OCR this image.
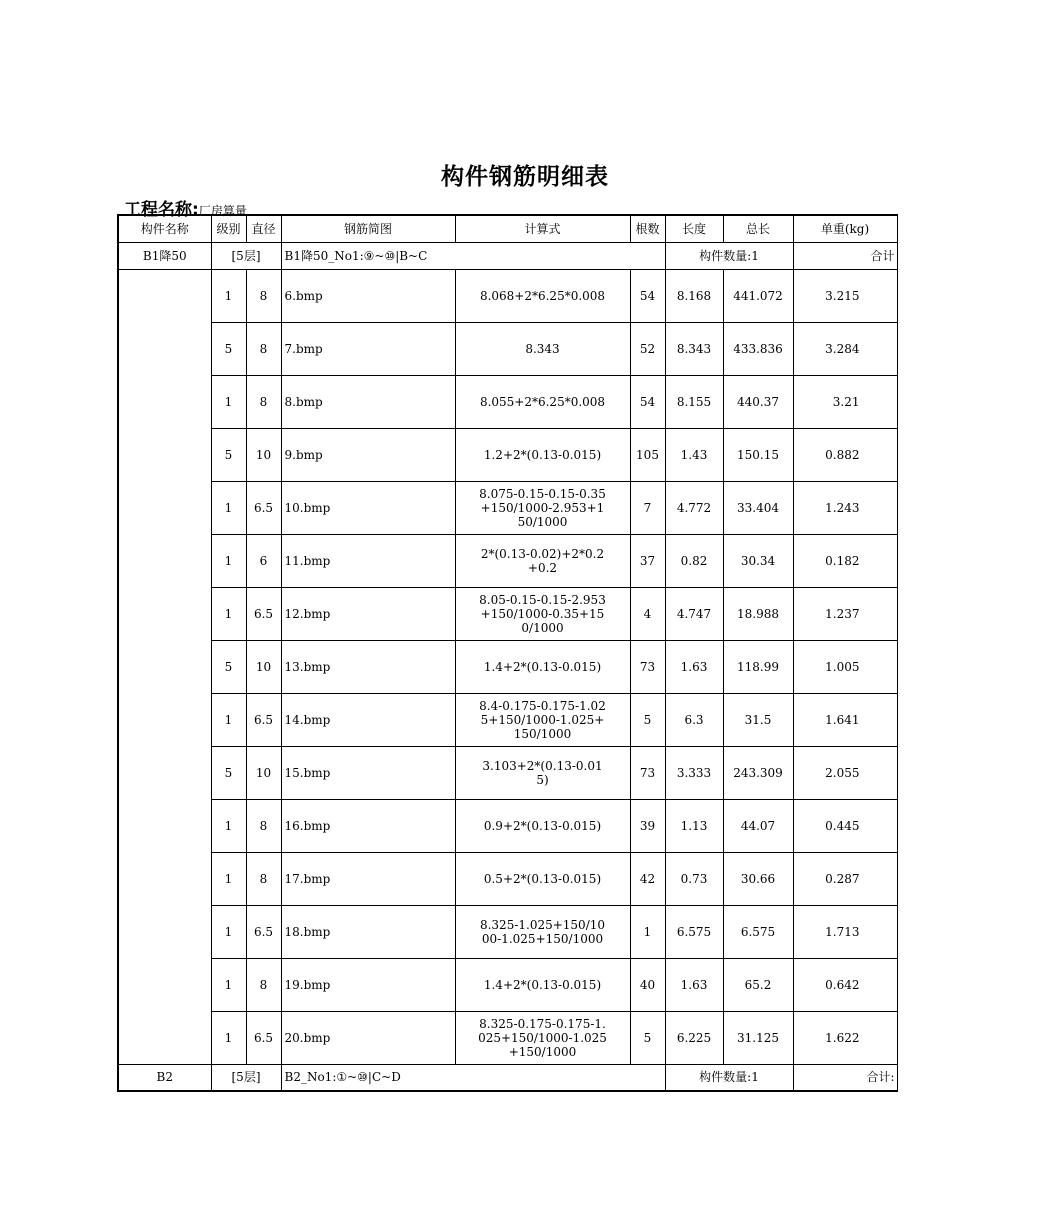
构件钢筋明细表
工程名称:厂房算量
构件名称	级别	直径	钢筋简图	计算式	根数	长度	总长	单重(kg)
B1降50	[5层]		B1降50_No1:⑨~⑩|B~C			构件数量:1		合计
	1	8	6.bmp	8.068+2*6.25*0.008	54	8.168	441.072	3.215
	5	8	7.bmp	8.343	52	8.343	433.836	3.284
	1	8	8.bmp	8.055+2*6.25*0.008	54	8.155	440.37	3.21
	5	10	9.bmp	1.2+2*(0.13-0.015)	105	1.43	150.15	0.882
	1	6.5	10.bmp	8.075-0.15-0.15-0.35+150/1000-2.953+150/1000	7	4.772	33.404	1.243
	1	6	11.bmp	2*(0.13-0.02)+2*0.2+0.2	37	0.82	30.34	0.182
	1	6.5	12.bmp	8.05-0.15-0.15-2.953+150/1000-0.35+150/1000	4	4.747	18.988	1.237
	5	10	13.bmp	1.4+2*(0.13-0.015)	73	1.63	118.99	1.005
	1	6.5	14.bmp	8.4-0.175-0.175-1.025+150/1000-1.025+150/1000	5	6.3	31.5	1.641
	5	10	15.bmp	3.103+2*(0.13-0.015)	73	3.333	243.309	2.055
	1	8	16.bmp	0.9+2*(0.13-0.015)	39	1.13	44.07	0.445
	1	8	17.bmp	0.5+2*(0.13-0.015)	42	0.73	30.66	0.287
	1	6.5	18.bmp	8.325-1.025+150/1000-1.025+150/1000	1	6.575	6.575	1.713
	1	8	19.bmp	1.4+2*(0.13-0.015)	40	1.63	65.2	0.642
	1	6.5	20.bmp	8.325-0.175-0.175-1.025+150/1000-1.025+150/1000	5	6.225	31.125	1.622
B2	[5层]		B2_No1:①~⑩|C~D			构件数量:1		合计:
